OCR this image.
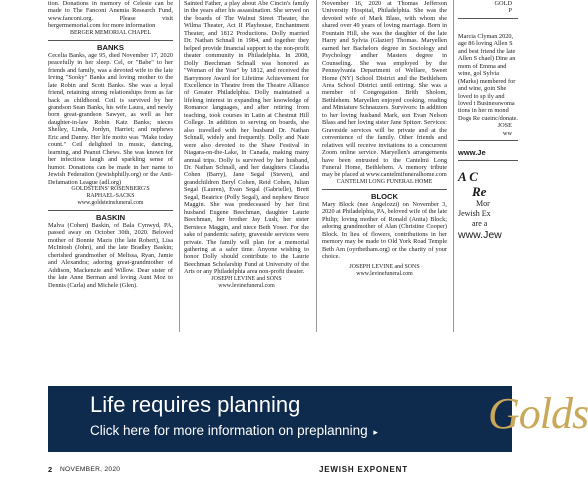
tion. Donations in memory of Celeste can be made to The Fanconi Anemia Research Fund, www.fanconi.org. Please visit bergermemorial.com for more information

BERGER MEMORIAL CHAPEL

BANKS

Cecelia Banks, age 95, died November 17, 2020 peacefully in her sleep. Cel, or "Babe" to her friends and family, was a devoted wife to the late Irving "Sooky" Banks and loving mother to the late Robin and Scott Banks. She was a loyal friend, retaining strong relationships from as far back as childhood. Ceil is survived by her grandson Sean Banks, his wife Laura, and newly born great-grandson Sawyer, as well as her daughter-in-law Robin Katz Banks; nieces Shelley, Linda, Jordyn, Harriet; and nephews Eric and Danny. Her life motto was "Make today count." Ceil delighted in music, dancing, learning, and Peanut Chews. She was known for her infectious laugh and sparkling sense of humor. Donations can be made in her name to Jewish Federation (jewishphilly.org) or the Anti-Defamation League (adl.org)

GOLDSTEINS' ROSENBERG'S

RAPHAEL-SACKS

www.goldsteinsfuneral.com

BASKIN

Malva (Cohen) Baskin, of Bala Cynwyd, PA, passed away on October 30th, 2020. Beloved mother of Bonnie Mazis (the late Robert), Lisa McIntosh (John), and the late Bradley Baskin; cherished grandmother of Melissa, Ryan, Jamie and Alexandra; adoring great-grandmother of Addison, Mackenzie and Willow. Dear sister of the late Anne Berman and loving Aunt Moz to Dennis (Carla) and Michele (Glen).

Sainted Father, a play about Abe Cincin's family in the years after his assassination. She served on the boards of The Walnut Street Theater, the Wilma Theater, Act II Playhouse, Enchantment Theater, and 1812 Productions. Dolly married Dr. Nathan Schnall in 1984, and together they helped provide financial support to the non-profit theater community in Philadelphia. In 2008, Dolly Beechman Schnall was honored as "Woman of the Year" by 1812, and received the Barrymore Award for Lifetime Achievement for Excellence in Theatre from the Theatre Alliance of Greater Philadelphia. Dolly maintained a lifelong interest in expanding her knowledge of Romance languages, and after retiring from teaching, took courses in Latin at Chestnut Hill College. In addition to serving on boards, she also travelled with her husband Dr. Nathan Schnall, widely and frequently. Dolly and Nate were also devoted to the Shaw Festival in Niagara-on-the-Lake, in Canada, making many annual trips. Dolly is survived by her husband, Dr. Nathan Schnall, and her daughters Claudia Cohen (Barry), Jane Segal (Steven), and grandchildren Beryl Cohen, Reid Cohen, Julian Segal (Lauren), Evan Segal (Gabrielle), Brett Segal, Beatrice (Polly Segal), and nephew Bruce Maggin. She was predeceased by her first husband Eugene Beechman, daughter Laurie Beechman, her brother Jay Lush, her sister Berniece Maggin, and niece Beth Yoser. For the sake of pandemic safety, graveside services were private. The family will plan for a memorial gathering at a safer time. Anyone wishing to honor Dolly should contribute to the Laurie Beechman Scholarship Fund at University of the Arts or any Philadelphia area non-profit theater.

JOSEPH LEVINE and SONS

www.levinefuneral.com

November 16, 2020 at Thomas Jefferson University Hospital, Philadelphia. She was the devoted wife of Mark Blass, with whom she shared over 49 years of loving marriage. Born in Fountain Hill, she was the daughter of the late Harry and Sylvia (Glazier) Thomas. Maryellen earned her Bachelors degree in Sociology and Psychology andher Masters degree in Counseling. She was employed by the Pennsylvania Department of Welfare, Sweet Home (NY) School District and the Bethlehem Area School District until retiring. She was a member of Congregation Brith Sholom, Bethlehem. Maryellen enjoyed cooking, reading and Miniature Schnauzers. Survivors: In addition to her loving husband Mark, son Evan Nelson Blass and her loving sister Jane Spitzer. Services: Graveside services will be private and at the convenience of the family. Other friends and relatives will receive invitations to a concurrent Zoom online service. Maryellen's arrangements have been entrusted to the Cantelmi Long Funeral Home, Bethlehem. A memory tribute may be placed at www.cantelmifuneralhome.com

CANTELMI LONG FUNERAL HOME

BLOCK

Mary Block (nee Angelozzi) on November 3, 2020 at Philadelphia, PA, beloved wife of the late Philip; loving mother of Ronald (Anita) Block; adoring grandmother of Alan (Christine Cooper) Block. In lieu of flowers, contributions in her memory may be made to Old York Road Temple Beth Am (oyrtbetham.org) or the charity of your choice.

JOSEPH LEVINE and SONS

www.levinefuneral.com

GOLD

P

Marcia Clyman 2020, age 86 loving Allen S and best friend the late Allen S chael) Dine an mom of Emma and wine, gol Sylvia (Marks) membered for and wine, goin She loved to sp ily and loved t Businesswoma tions in her m mond Dogs Re cueinc/donate.

JOSE

ww

www.Je

A C

Re

Mor

Jewish Ex

are a

www.Jew

Life requires planning
Click here for more information on preplanning ▸	Golds
2 NOVEMBER, 2020	JEWISH EXPONENT
